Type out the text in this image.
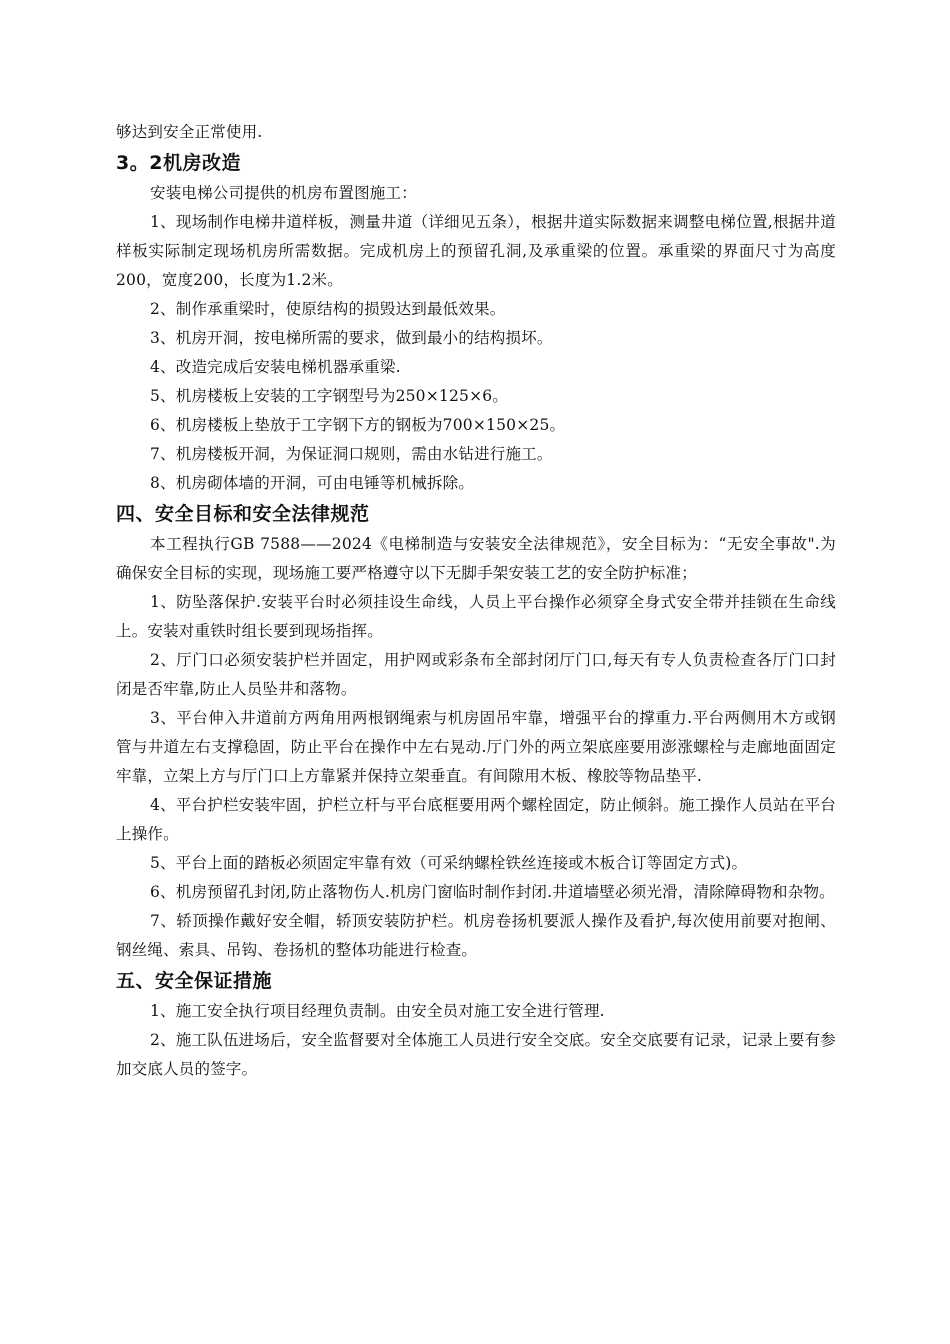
够达到安全正常使用.

3。2机房改造

安装电梯公司提供的机房布置图施工：

1、现场制作电梯井道样板，测量井道（详细见五条），根据井道实际数据来调整电梯位置,根据井道样板实际制定现场机房所需数据。完成机房上的预留孔洞,及承重梁的位置。承重梁的界面尺寸为高度200，宽度200，长度为1.2米。

2、制作承重梁时，使原结构的损毁达到最低效果。

3、机房开洞，按电梯所需的要求，做到最小的结构损坏。

4、改造完成后安装电梯机器承重梁.

5、机房楼板上安装的工字钢型号为250×125×6。

6、机房楼板上垫放于工字钢下方的钢板为700×150×25。

7、机房楼板开洞，为保证洞口规则，需由水钻进行施工。

8、机房砌体墙的开洞，可由电锤等机械拆除。

四、安全目标和安全法律规范

本工程执行GB 7588——2024《电梯制造与安装安全法律规范》，安全目标为：“无安全事故".为确保安全目标的实现，现场施工要严格遵守以下无脚手架安装工艺的安全防护标准；

1、防坠落保护.安装平台时必须挂设生命线，人员上平台操作必须穿全身式安全带并挂锁在生命线上。安装对重铁时组长要到现场指挥。

2、厅门口必须安装护栏并固定，用护网或彩条布全部封闭厅门口,每天有专人负责检查各厅门口封闭是否牢靠,防止人员坠井和落物。

3、平台伸入井道前方两角用两根钢绳索与机房固吊牢靠，增强平台的撑重力.平台两侧用木方或钢管与井道左右支撑稳固，防止平台在操作中左右晃动.厅门外的两立架底座要用澎涨螺栓与走廊地面固定牢靠，立架上方与厅门口上方靠紧并保持立架垂直。有间隙用木板、橡胶等物品垫平.

4、平台护栏安装牢固，护栏立杆与平台底框要用两个螺栓固定，防止倾斜。施工操作人员站在平台上操作。

5、平台上面的踏板必须固定牢靠有效（可采纳螺栓铁丝连接或木板合订等固定方式)。

6、机房预留孔封闭,防止落物伤人.机房门窗临时制作封闭.井道墙壁必须光滑，清除障碍物和杂物。

7、轿顶操作戴好安全帽，轿顶安装防护栏。机房卷扬机要派人操作及看护,每次使用前要对抱闸、钢丝绳、索具、吊钩、卷扬机的整体功能进行检查。

五、安全保证措施

1、施工安全执行项目经理负责制。由安全员对施工安全进行管理.

2、施工队伍进场后，安全监督要对全体施工人员进行安全交底。安全交底要有记录，记录上要有参加交底人员的签字。
